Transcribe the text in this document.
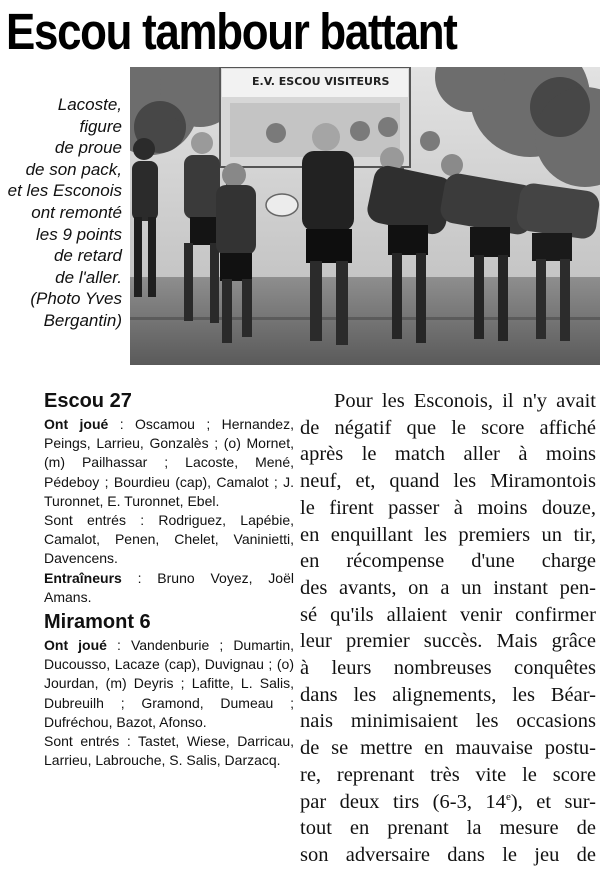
Escou tambour battant
Lacoste,
figure
de proue
de son pack,
et les Esconois
ont remonté
les 9 points
de retard
de l'aller.
(Photo Yves
Bergantin)
E.V. ESCOU VISITEURS
Escou 27

Ont joué : Oscamou ; Hernandez, Peings, Larrieu, Gonzalès ; (o) Mornet, (m) Pailhassar ; Lacoste, Mené, Pédeboy ; Bourdieu (cap), Camalot ; J. Turonnet, E. Turonnet, Ebel.

Sont entrés : Rodriguez, Lapébie, Camalot, Penen, Chelet, Vaninietti, Davencens.

Entraîneurs : Bruno Voyez, Joël Amans.

Miramont 6

Ont joué : Vandenburie ; Dumartin, Ducousso, Lacaze (cap), Duvignau ; (o) Jourdan, (m) Deyris ; Lafitte, L. Salis, Dubreuilh ; Gramond, Dumeau ; Dufréchou, Bazot, Afonso.

Sont entrés : Tastet, Wiese, Darricau, Larrieu, Labrouche, S. Salis, Darzacq.

Pour les Esconois, il n'y avait
de négatif que le score affiché
après le match aller à moins
neuf, et, quand les Miramontois
le firent passer à moins douze,
en enquillant les premiers un tir,
en récompense d'une charge
des avants, on a un instant pen-
sé qu'ils allaient venir confirmer
leur premier succès. Mais grâce
à leurs nombreuses conquêtes
dans les alignements, les Béar-
nais minimisaient les occasions
de se mettre en mauvaise postu-
re, reprenant très vite le score
par deux tirs (6-3, 14e), et sur-
tout en prenant la mesure de
son adversaire dans le jeu de
